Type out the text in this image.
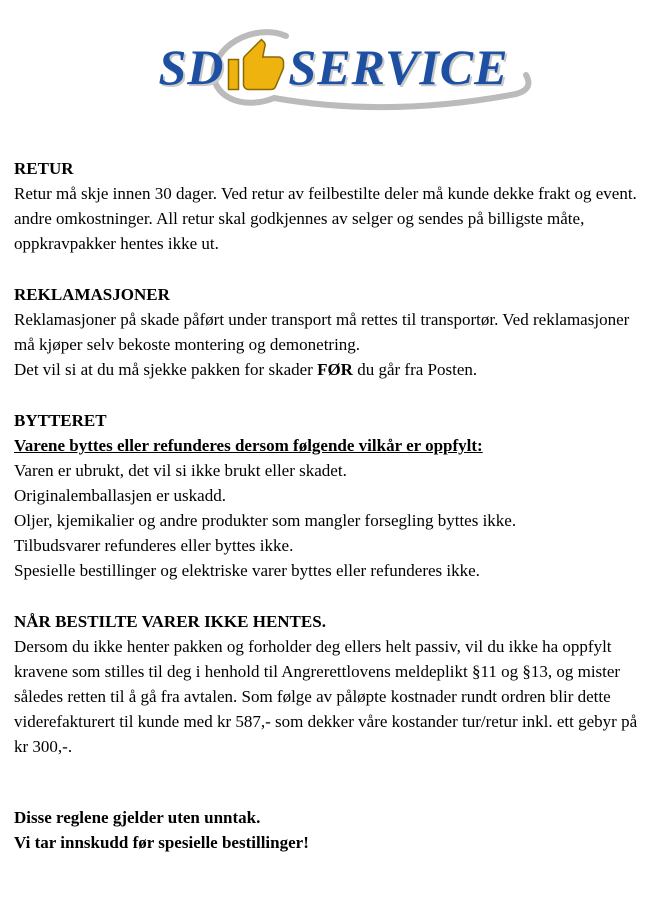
SD SERVICE
RETUR
Retur må skje innen 30 dager. Ved retur av feilbestilte deler må kunde dekke frakt og event. andre omkostninger. All retur skal godkjennes av selger og sendes på billigste måte, oppkravpakker hentes ikke ut.
REKLAMASJONER
Reklamasjoner på skade påført under transport må rettes til transportør. Ved reklamasjoner må kjøper selv bekoste montering og demonetring.
Det vil si at du må sjekke pakken for skader FØR du går fra Posten.
BYTTERET
Varene byttes eller refunderes dersom følgende vilkår er oppfylt:
Varen er ubrukt, det vil si ikke brukt eller skadet.
Originalemballasjen er uskadd.
Oljer, kjemikalier og andre produkter som mangler forsegling byttes ikke.
Tilbudsvarer refunderes eller byttes ikke.
Spesielle bestillinger og elektriske varer byttes eller refunderes ikke.
NÅR BESTILTE VARER IKKE HENTES.
Dersom du ikke henter pakken og forholder deg ellers helt passiv, vil du ikke ha oppfylt kravene som stilles til deg i henhold til Angrerettlovens meldeplikt §11 og §13, og mister således retten til å gå fra avtalen. Som følge av påløpte kostnader rundt ordren blir dette viderefakturert til kunde med kr 587,- som dekker våre kostander tur/retur inkl. ett gebyr på kr 300,-.
Disse reglene gjelder uten unntak.
Vi tar innskudd før spesielle bestillinger!
